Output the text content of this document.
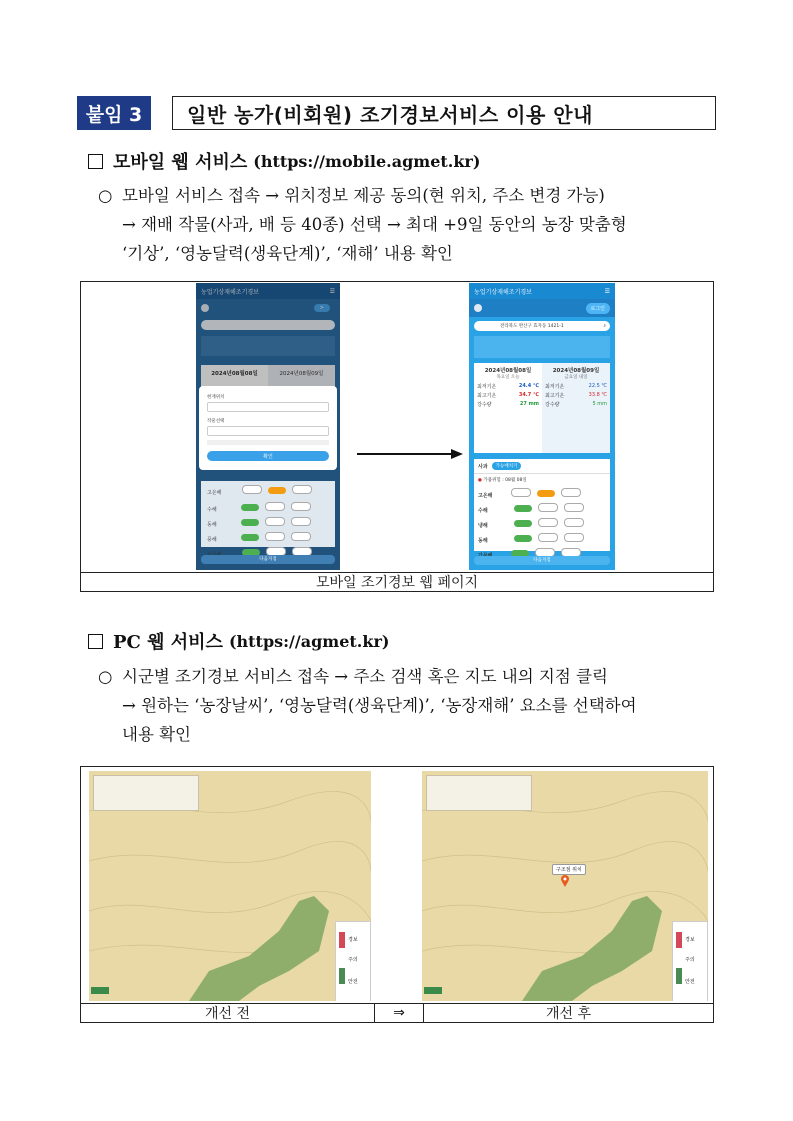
붙임 3	일반 농가(비회원) 조기경보서비스 이용 안내
모바일 웹 서비스 (https://mobile.agmet.kr)
○ 모바일 서비스 접속 → 위치정보 제공 동의(현 위치, 주소 변경 가능)
→ 재배 작물(사과, 배 등 40종) 선택 → 최대 +9일 동안의 농장 맞춤형
‘기상’, ‘영농달력(생육단계)’, ‘재해’ 내용 확인
농업기상재해조기경보	☰
>
2024년08월08일	2024년08월09일
현재위치
작물선택
확인
고온해
수해
동해
풍해
다음지점
농업기상재해조기경보	☰
로그인
전라북도 완산구 효자동 1421-1	⌕
2024년08월08일
목요일 오늘
최저기온	24.4 ℃
최고기온	34.7 ℃
강수량	27 mm
2024년08월09일
금요일 내일
최저기온	22.5 ℃
최고기온	33.8 ℃
강수량	5 mm
사과	가능배치기
● 가뭄위험 : 08월 08일
고온해
수해
냉해
동해
다음지점
모바일 조기경보 웹 페이지
PC 웹 서비스 (https://agmet.kr)
○ 시군별 조기경보 서비스 접속 → 주소 검색 혹은 지도 내의 지점 클릭
→ 원하는 ‘농장날씨’, ‘영농달력(생육단계)’, ‘농장재해’ 요소를 선택하여
내용 확인
경보
주의
안전
구조점 위치
경보
주의
안전
개선 전	⇒	개선 후
